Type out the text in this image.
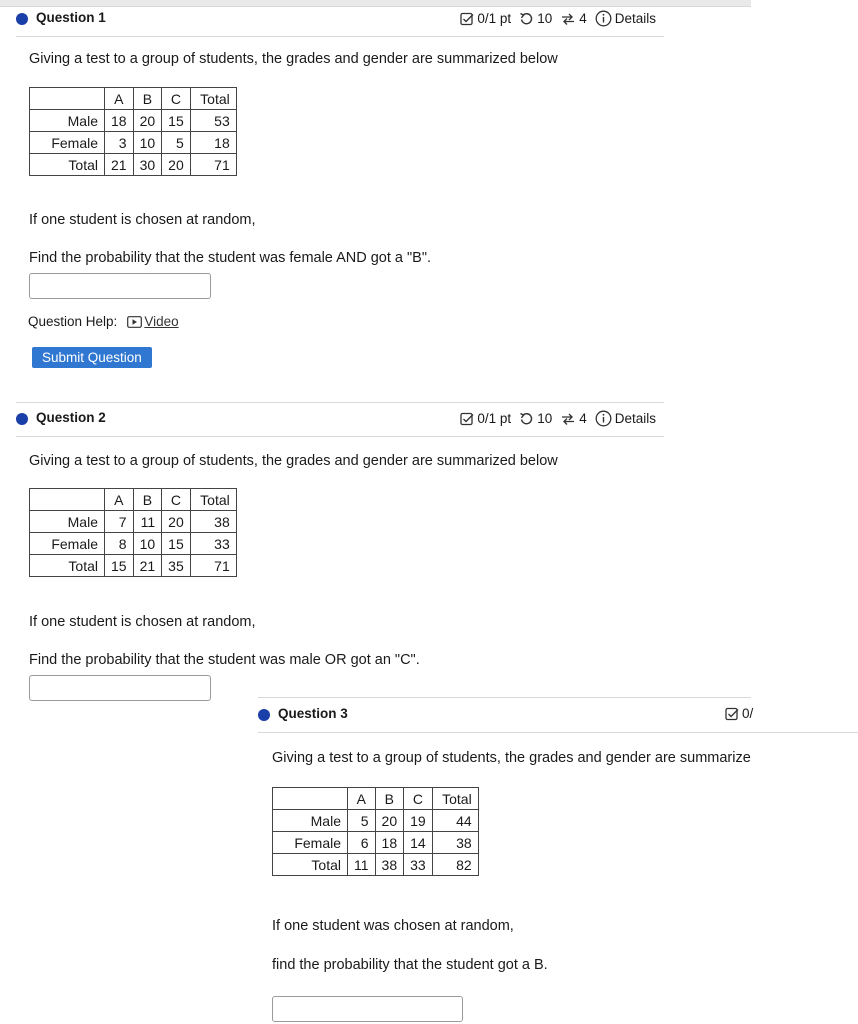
Question 1	0/1 pt 10 4 Details
Giving a test to a group of students, the grades and gender are summarized below
	A	B	C	Total
Male	18	20	15	53
Female	3	10	5	18
Total	21	30	20	71
If one student is chosen at random,
Find the probability that the student was female AND got a "B".
Question Help: Video
Submit Question
Question 2	0/1 pt 10 4 Details
Giving a test to a group of students, the grades and gender are summarized below
	A	B	C	Total
Male	7	11	20	38
Female	8	10	15	33
Total	15	21	35	71
If one student is chosen at random,
Find the probability that the student was male OR got an "C".
Question 3	0/
Giving a test to a group of students, the grades and gender are summarize
	A	B	C	Total
Male	5	20	19	44
Female	6	18	14	38
Total	11	38	33	82
If one student was chosen at random,
find the probability that the student got a B.
